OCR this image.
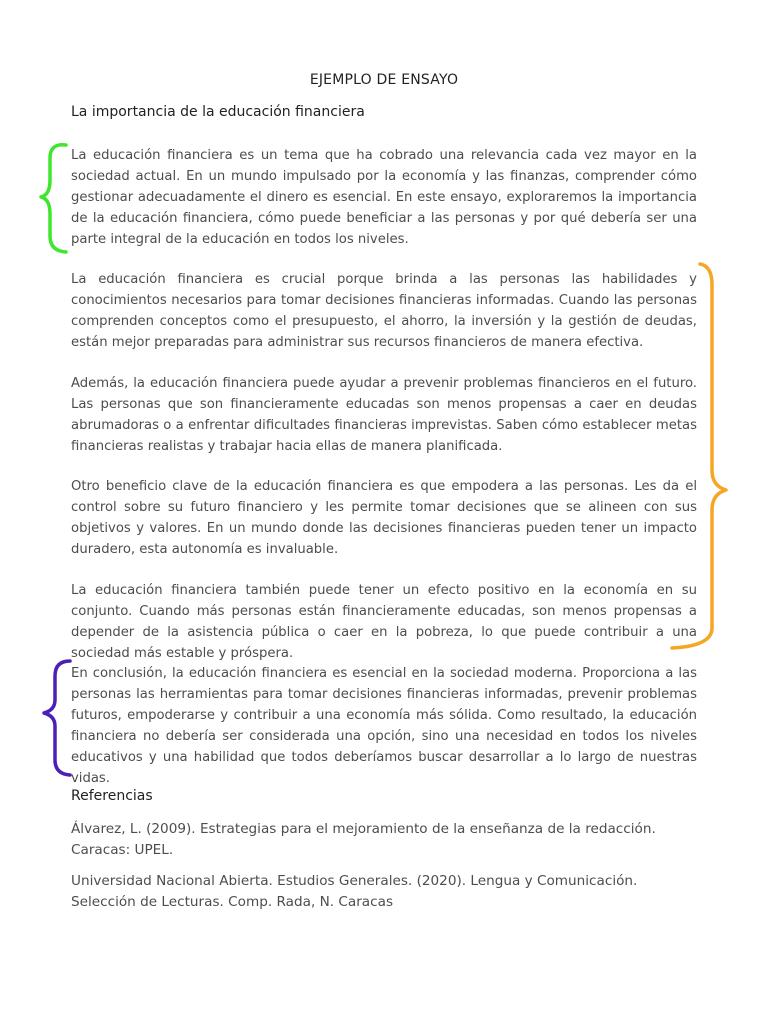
EJEMPLO DE ENSAYO
La importancia de la educación financiera

La educación financiera es un tema que ha cobrado una relevancia cada vez mayor en la sociedad actual. En un mundo impulsado por la economía y las finanzas, comprender cómo gestionar adecuadamente el dinero es esencial. En este ensayo, exploraremos la importancia de la educación financiera, cómo puede beneficiar a las personas y por qué debería ser una parte integral de la educación en todos los niveles.

La educación financiera es crucial porque brinda a las personas las habilidades y conocimientos necesarios para tomar decisiones financieras informadas. Cuando las personas comprenden conceptos como el presupuesto, el ahorro, la inversión y la gestión de deudas, están mejor preparadas para administrar sus recursos financieros de manera efectiva.

Además, la educación financiera puede ayudar a prevenir problemas financieros en el futuro. Las personas que son financieramente educadas son menos propensas a caer en deudas abrumadoras o a enfrentar dificultades financieras imprevistas. Saben cómo establecer metas financieras realistas y trabajar hacia ellas de manera planificada.

Otro beneficio clave de la educación financiera es que empodera a las personas. Les da el control sobre su futuro financiero y les permite tomar decisiones que se alineen con sus objetivos y valores. En un mundo donde las decisiones financieras pueden tener un impacto duradero, esta autonomía es invaluable.

La educación financiera también puede tener un efecto positivo en la economía en su conjunto. Cuando más personas están financieramente educadas, son menos propensas a depender de la asistencia pública o caer en la pobreza, lo que puede contribuir a una sociedad más estable y próspera.

En conclusión, la educación financiera es esencial en la sociedad moderna. Proporciona a las personas las herramientas para tomar decisiones financieras informadas, prevenir problemas futuros, empoderarse y contribuir a una economía más sólida. Como resultado, la educación financiera no debería ser considerada una opción, sino una necesidad en todos los niveles educativos y una habilidad que todos deberíamos buscar desarrollar a lo largo de nuestras vidas.

Referencias

Álvarez, L. (2009). Estrategias para el mejoramiento de la enseñanza de la redacción. Caracas: UPEL.

Universidad Nacional Abierta. Estudios Generales. (2020). Lengua y Comunicación. Selección de Lecturas. Comp. Rada, N. Caracas
